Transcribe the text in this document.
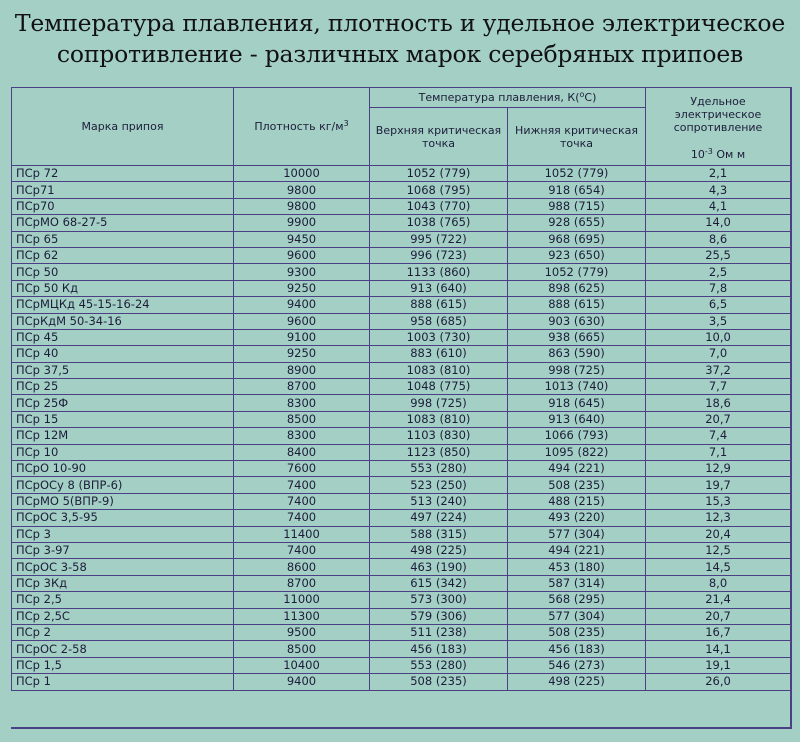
Температура плавления, плотность и удельное электрическое
сопротивление - различных марок серебряных припоев
Марка припоя	Плотность $кг/м^3$	Температура плавления, К($^о$С)		Удельное электрическое сопротивление
$10^{-3}$ Ом м

		Верхняя критическая точка	Нижняя критическая точка	
ПСр 72	10000	1052 (779)	1052 (779)	2,1
ПСр71	9800	1068 (795)	918 (654)	4,3
ПСр70	9800	1043 (770)	988 (715)	4,1
ПСрМО 68-27-5	9900	1038 (765)	928 (655)	14,0
ПСр 65	9450	995 (722)	968 (695)	8,6
ПСр 62	9600	996 (723)	923 (650)	25,5
ПСр 50	9300	1133 (860)	1052 (779)	2,5
ПСр 50 Кд	9250	913 (640)	898 (625)	7,8
ПСрМЦКд 45-15-16-24	9400	888 (615)	888 (615)	6,5
ПСрКдМ 50-34-16	9600	958 (685)	903 (630)	3,5
ПСр 45	9100	1003 (730)	938 (665)	10,0
ПСр 40	9250	883 (610)	863 (590)	7,0
ПСр 37,5	8900	1083 (810)	998 (725)	37,2
ПСр 25	8700	1048 (775)	1013 (740)	7,7
ПСр 25Ф	8300	998 (725)	918 (645)	18,6
ПСр 15	8500	1083 (810)	913 (640)	20,7
ПСр 12М	8300	1103 (830)	1066 (793)	7,4
ПСр 10	8400	1123 (850)	1095 (822)	7,1
ПСрО 10-90	7600	553 (280)	494 (221)	12,9
ПСрОСу 8 (ВПР-6)	7400	523 (250)	508 (235)	19,7
ПСрМО 5(ВПР-9)	7400	513 (240)	488 (215)	15,3
ПСрОС 3,5-95	7400	497 (224)	493 (220)	12,3
ПСр 3	11400	588 (315)	577 (304)	20,4
ПСр 3-97	7400	498 (225)	494 (221)	12,5
ПСрОС 3-58	8600	463 (190)	453 (180)	14,5
ПСр 3Кд	8700	615 (342)	587 (314)	8,0
ПСр 2,5	11000	573 (300)	568 (295)	21,4
ПСр 2,5С	11300	579 (306)	577 (304)	20,7
ПСр 2	9500	511 (238)	508 (235)	16,7
ПСрОС 2-58	8500	456 (183)	456 (183)	14,1
ПСр 1,5	10400	553 (280)	546 (273)	19,1
ПСр 1	9400	508 (235)	498 (225)	26,0
